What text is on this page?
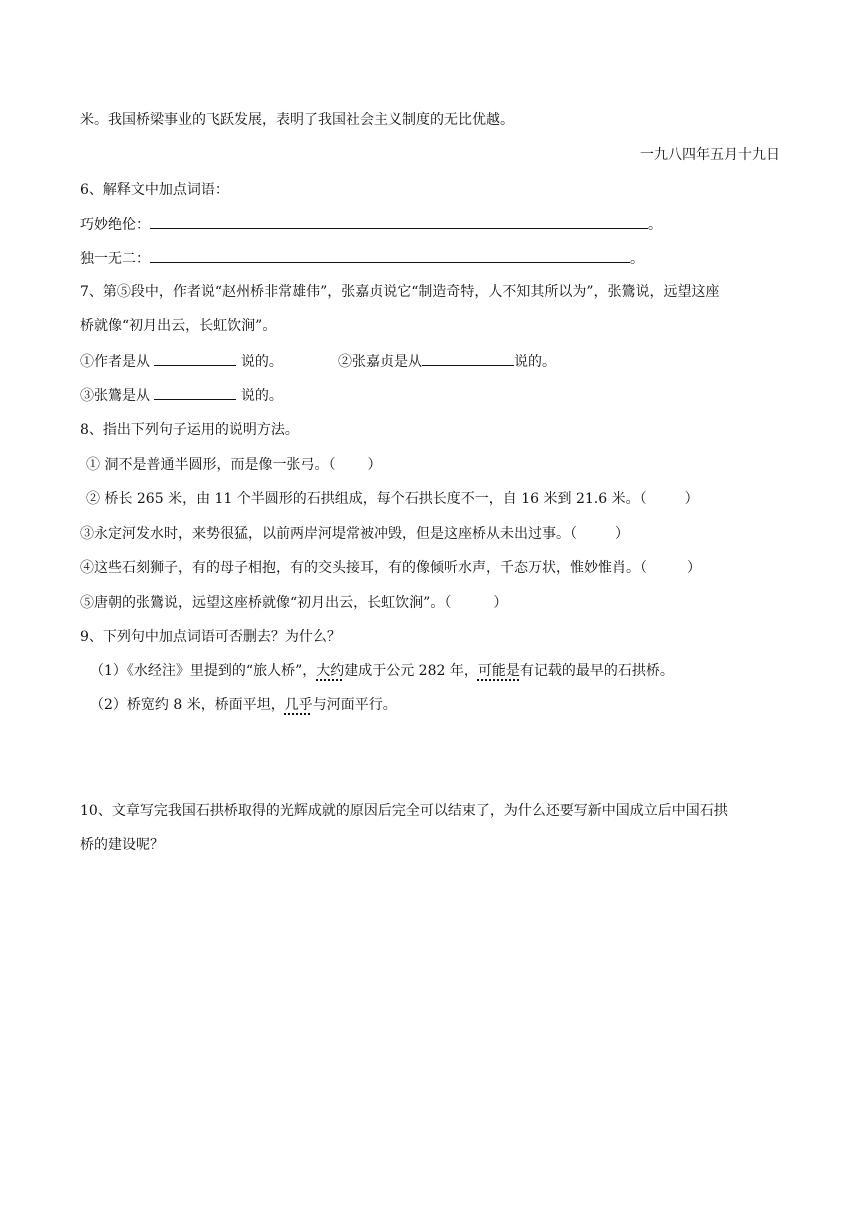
米。我国桥梁事业的飞跃发展，表明了我国社会主义制度的无比优越。
一九八四年五月十九日
6、解释文中加点词语：
巧妙绝伦：	。
独一无二：	。
7、第⑤段中，作者说“赵州桥非常雄伟”，张嘉贞说它“制造奇特，人不知其所以为”，张鷟说，远望这座
桥就像“初月出云，长虹饮涧”。
①作者是从	说的。	②张嘉贞是从	说的。
③张鷟是从	说的。
8、指出下列句子运用的说明方法。
① 洞不是普通半圆形，而是像一张弓。（ ）
② 桥长 265 米，由 11 个半圆形的石拱组成，每个石拱长度不一，自 16 米到 21.6 米。（	）
③永定河发水时，来势很猛，以前两岸河堤常被冲毁，但是这座桥从未出过事。（	）
④这些石刻狮子，有的母子相抱，有的交头接耳，有的像倾听水声，千态万状，惟妙惟肖。（	）
⑤唐朝的张鷟说，远望这座桥就像“初月出云，长虹饮涧”。（	）
9、下列句中加点词语可否删去？为什么？
（1）《水经注》里提到的“旅人桥”，大约建成于公元 282 年，可能是有记载的最早的石拱桥。
（2）桥宽约 8 米，桥面平坦，几乎与河面平行。
10、文章写完我国石拱桥取得的光辉成就的原因后完全可以结束了，为什么还要写新中国成立后中国石拱
桥的建设呢？
